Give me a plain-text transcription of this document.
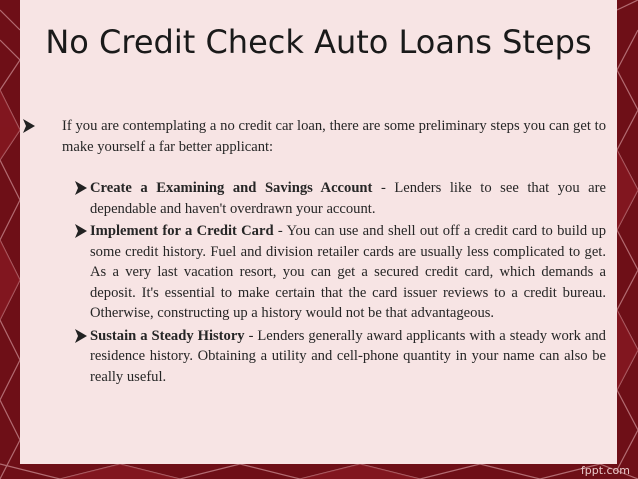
No Credit Check Auto Loans Steps
If you are contemplating a no credit car loan, there are some preliminary steps you can get to make yourself a far better applicant:
Create a Examining and Savings Account - Lenders like to see that you are dependable and haven't overdrawn your account.
Implement for a Credit Card - You can use and shell out off a credit card to build up some credit history. Fuel and division retailer cards are usually less complicated to get. As a very last vacation resort, you can get a secured credit card, which demands a deposit. It's essential to make certain that the card issuer reviews to a credit bureau. Otherwise, constructing up a history would not be that advantageous.
Sustain a Steady History - Lenders generally award applicants with a steady work and residence history. Obtaining a utility and cell-phone quantity in your name can also be really useful.
fppt.com
